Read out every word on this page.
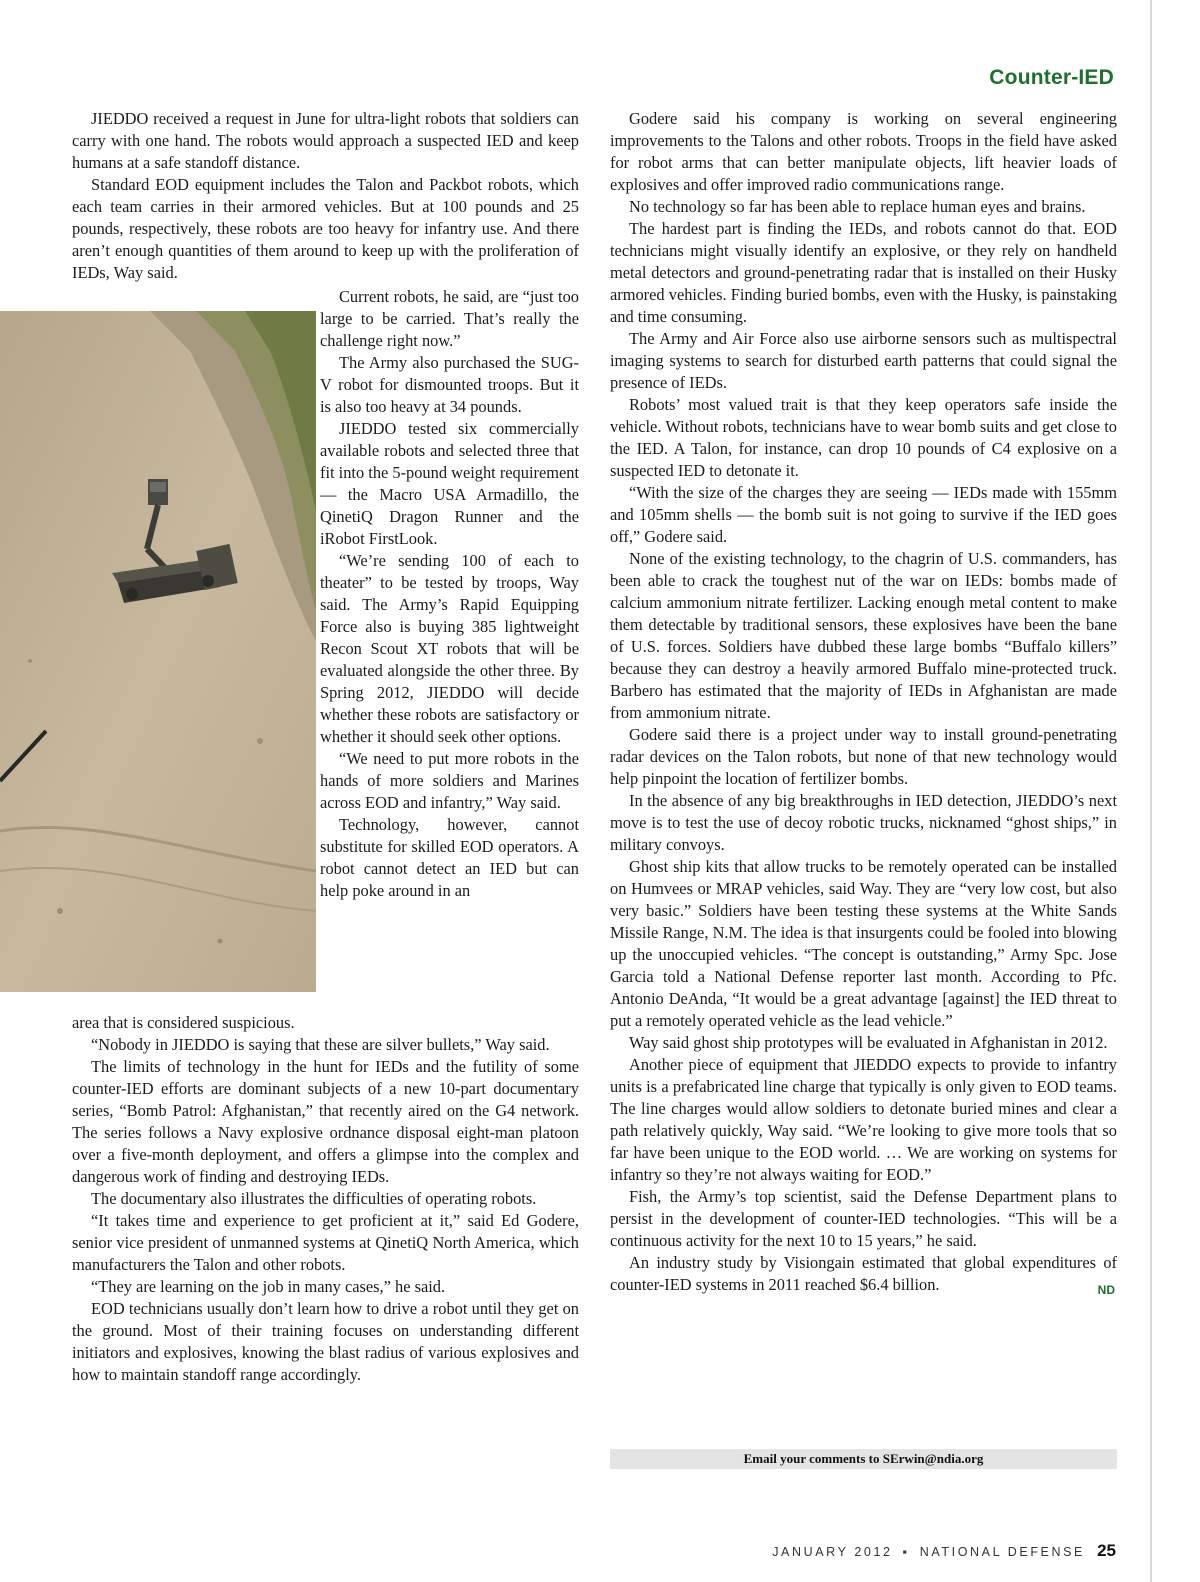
Counter-IED

JIEDDO received a request in June for ultra-light robots that soldiers can carry with one hand. The robots would approach a suspected IED and keep humans at a safe standoff distance.

Standard EOD equipment includes the Talon and Packbot robots, which each team carries in their armored vehicles. But at 100 pounds and 25 pounds, respectively, these robots are too heavy for infantry use. And there aren’t enough quantities of them around to keep up with the proliferation of IEDs, Way said.

Current robots, he said, are “just too large to be carried. That’s really the challenge right now.”

The Army also purchased the SUG-V robot for dismounted troops. But it is also too heavy at 34 pounds.

JIEDDO tested six commercially available robots and selected three that fit into the 5-pound weight requirement — the Macro USA Armadillo, the QinetiQ Dragon Runner and the iRobot FirstLook.

“We’re sending 100 of each to theater” to be tested by troops, Way said. The Army’s Rapid Equipping Force also is buying 385 lightweight Recon Scout XT robots that will be evaluated alongside the other three. By Spring 2012, JIEDDO will decide whether these robots are satisfactory or whether it should seek other options.

“We need to put more robots in the hands of more soldiers and Marines across EOD and infantry,” Way said.

Technology, however, cannot substitute for skilled EOD operators. A robot cannot detect an IED but can help poke around in an

area that is considered suspicious.

“Nobody in JIEDDO is saying that these are silver bullets,” Way said.

The limits of technology in the hunt for IEDs and the futility of some counter-IED efforts are dominant subjects of a new 10-part documentary series, “Bomb Patrol: Afghanistan,” that recently aired on the G4 network. The series follows a Navy explosive ordnance disposal eight-man platoon over a five-month deployment, and offers a glimpse into the complex and dangerous work of finding and destroying IEDs.

The documentary also illustrates the difficulties of operating robots.

“It takes time and experience to get proficient at it,” said Ed Godere, senior vice president of unmanned systems at QinetiQ North America, which manufacturers the Talon and other robots.

“They are learning on the job in many cases,” he said.

EOD technicians usually don’t learn how to drive a robot until they get on the ground. Most of their training focuses on understanding different initiators and explosives, knowing the blast radius of various explosives and how to maintain standoff range accordingly.

Godere said his company is working on several engineering improvements to the Talons and other robots. Troops in the field have asked for robot arms that can better manipulate objects, lift heavier loads of explosives and offer improved radio communications range.

No technology so far has been able to replace human eyes and brains.

The hardest part is finding the IEDs, and robots cannot do that. EOD technicians might visually identify an explosive, or they rely on handheld metal detectors and ground-penetrating radar that is installed on their Husky armored vehicles. Finding buried bombs, even with the Husky, is painstaking and time consuming.

The Army and Air Force also use airborne sensors such as multispectral imaging systems to search for disturbed earth patterns that could signal the presence of IEDs.

Robots’ most valued trait is that they keep operators safe inside the vehicle. Without robots, technicians have to wear bomb suits and get close to the IED. A Talon, for instance, can drop 10 pounds of C4 explosive on a suspected IED to detonate it.

“With the size of the charges they are seeing — IEDs made with 155mm and 105mm shells — the bomb suit is not going to survive if the IED goes off,” Godere said.

None of the existing technology, to the chagrin of U.S. commanders, has been able to crack the toughest nut of the war on IEDs: bombs made of calcium ammonium nitrate fertilizer. Lacking enough metal content to make them detectable by traditional sensors, these explosives have been the bane of U.S. forces. Soldiers have dubbed these large bombs “Buffalo killers” because they can destroy a heavily armored Buffalo mine-protected truck. Barbero has estimated that the majority of IEDs in Afghanistan are made from ammonium nitrate.

Godere said there is a project under way to install ground-penetrating radar devices on the Talon robots, but none of that new technology would help pinpoint the location of fertilizer bombs.

In the absence of any big breakthroughs in IED detection, JIEDDO’s next move is to test the use of decoy robotic trucks, nicknamed “ghost ships,” in military convoys.

Ghost ship kits that allow trucks to be remotely operated can be installed on Humvees or MRAP vehicles, said Way. They are “very low cost, but also very basic.” Soldiers have been testing these systems at the White Sands Missile Range, N.M. The idea is that insurgents could be fooled into blowing up the unoccupied vehicles. “The concept is outstanding,” Army Spc. Jose Garcia told a National Defense reporter last month. According to Pfc. Antonio DeAnda, “It would be a great advantage [against] the IED threat to put a remotely operated vehicle as the lead vehicle.”

Way said ghost ship prototypes will be evaluated in Afghanistan in 2012.

Another piece of equipment that JIEDDO expects to provide to infantry units is a prefabricated line charge that typically is only given to EOD teams. The line charges would allow soldiers to detonate buried mines and clear a path relatively quickly, Way said. “We’re looking to give more tools that so far have been unique to the EOD world. … We are working on systems for infantry so they’re not always waiting for EOD.”

Fish, the Army’s top scientist, said the Defense Department plans to persist in the development of counter-IED technologies. “This will be a continuous activity for the next 10 to 15 years,” he said.

An industry study by Visiongain estimated that global expenditures of counter-IED systems in 2011 reached $6.4 billion.	ND

Email your comments to SErwin@ndia.org
JANUARY 2012 ▪ NATIONAL DEFENSE 25
